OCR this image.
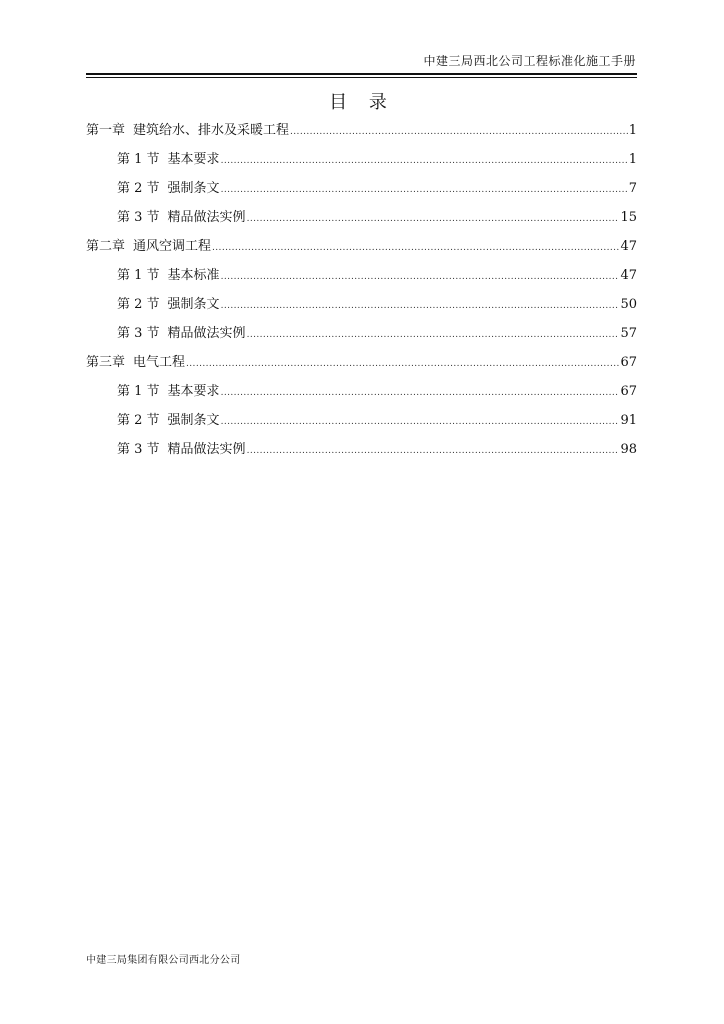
中建三局西北公司工程标准化施工手册
目 录
第一章 建筑给水、排水及采暖工程 .....	1
第 1 节 基本要求 .....	1
第 2 节 强制条文 .....	7
第 3 节 精品做法实例 .....	15
第二章 通风空调工程 .....	47
第 1 节 基本标准 .....	47
第 2 节 强制条文 .....	50
第 3 节 精品做法实例 .....	57
第三章 电气工程 .....	67
第 1 节 基本要求 .....	67
第 2 节 强制条文 .....	91
第 3 节 精品做法实例 .....	98
中建三局集团有限公司西北分公司
